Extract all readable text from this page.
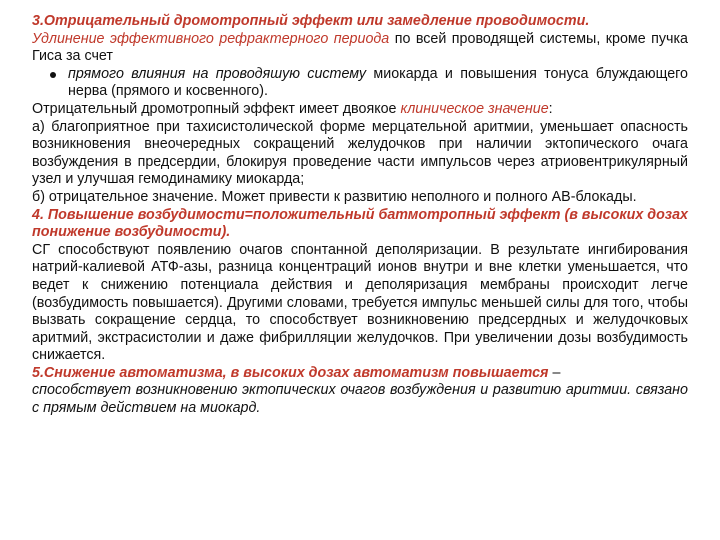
3.Отрицательный дромотропный эффект или замедление проводимости.

Удлинение эффективного рефрактерного периода по всей проводящей системы, кроме пучка Гиса за счет

прямого влияния на проводяшую систему миокарда и повышения тонуса блуждающего нерва (прямого и косвенного).

Отрицательный дромотропный эффект имеет двоякое клиническое значение:

а) благоприятное при тахисистолической форме мерцательной аритмии, уменьшает опасность возникновения внеочередных сокращений желудочков при наличии эктопического очага возбуждения в предсердии, блокируя проведение части импульсов через атриовентрикулярный узел и улучшая гемодинамику миокарда;

б) отрицательное значение. Может привести к развитию неполного и полного АВ-блокады.

4. Повышение возбудимости=положительный батмотропный эффект (в высоких дозах понижение возбудимости).

СГ способствуют появлению очагов спонтанной деполяризации. В результате ингибирования натрий-калиевой АТФ-азы, разница концентраций ионов внутри и вне клетки уменьшается, что ведет к снижению потенциала действия и деполяризация мембраны происходит легче (возбудимость повышается). Другими словами, требуется импульс меньшей силы для того, чтобы вызвать сокращение сердца, то способствует возникновению предсердных и желудочковых аритмий, экстрасистолии и даже фибрилляции желудочков. При увеличении дозы возбудимость снижается.

5.Снижение автоматизма, в высоких дозах автоматизм повышается –

способствует возникновению эктопических очагов возбуждения и развитию аритмии. связано с прямым действием на миокард.
